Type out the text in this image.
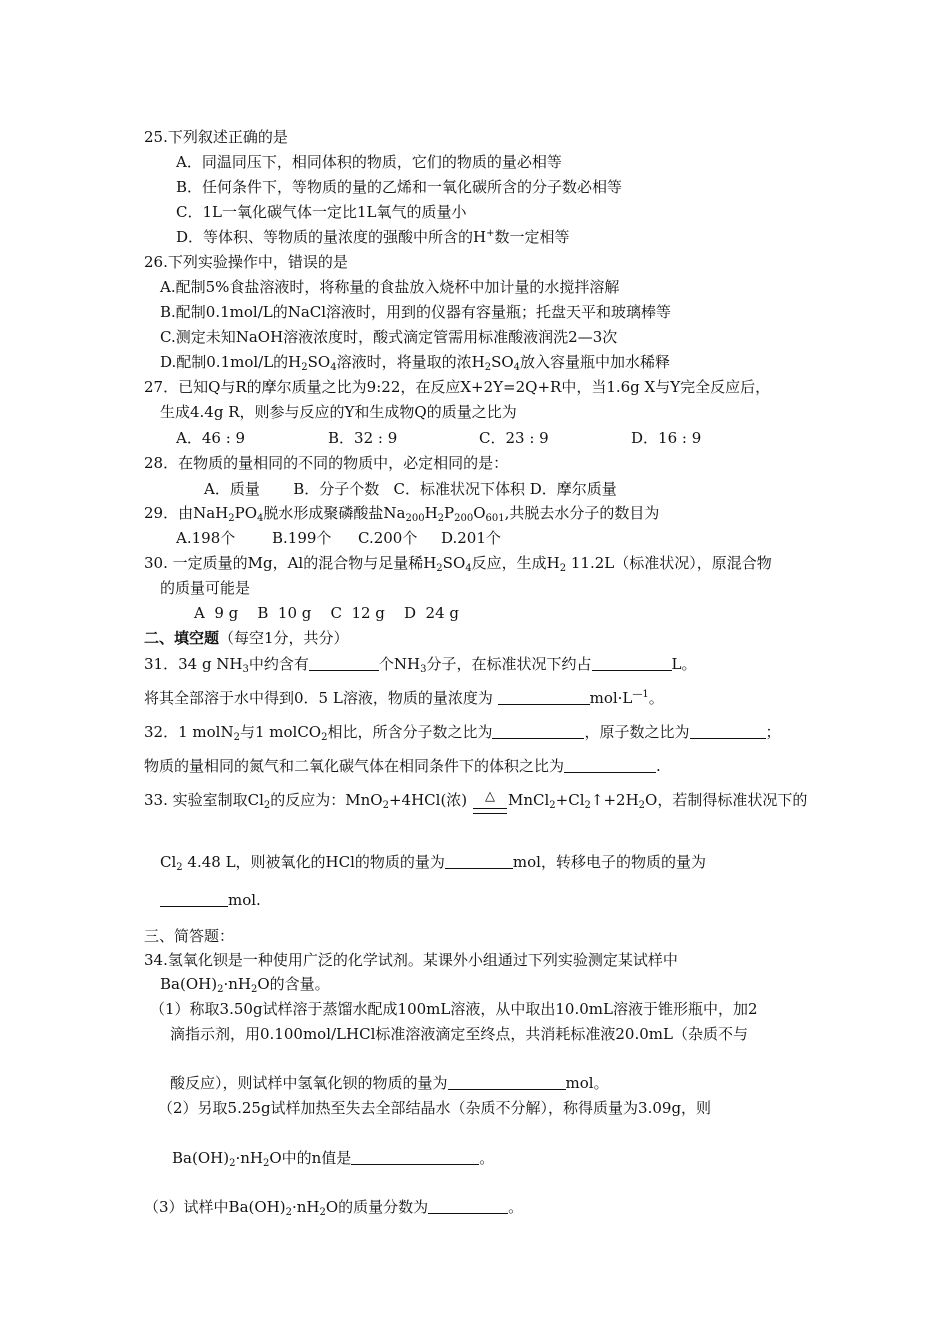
25.下列叙述正确的是
A．同温同压下，相同体积的物质，它们的物质的量必相等
B．任何条件下，等物质的量的乙烯和一氧化碳所含的分子数必相等
C．1L一氧化碳气体一定比1L氧气的质量小
D．等体积、等物质的量浓度的强酸中所含的H+数一定相等
26.下列实验操作中，错误的是
A.配制5%食盐溶液时，将称量的食盐放入烧杯中加计量的水搅拌溶解
B.配制0.1mol/L的NaCl溶液时，用到的仪器有容量瓶；托盘天平和玻璃棒等
C.测定未知NaOH溶液浓度时，酸式滴定管需用标准酸液润洗2—3次
D.配制0.1mol/L的$H_2SO_4$溶液时，将量取的浓$H_2SO_4$放入容量瓶中加水稀释
27．已知Q与R的摩尔质量之比为9:22，在反应X+2Y=2Q+R中，当1.6g X与Y完全反应后，
生成4.4g R，则参与反应的Y和生成物Q的质量之比为
A．46 : 9	B．32 : 9	C．23 : 9	D．16 : 9
28．在物质的量相同的不同的物质中，必定相同的是：
A．质量       B．分子个数   C．标准状况下体积 D．摩尔质量
29．由$NaH_2PO_4$脱水形成聚磷酸盐$Na_{200}H_2P_{200}O_{601}$,共脱去水分子的数目为
A.198个 B.199个 C.200个 D.201个
30. 一定质量的Mg，Al的混合物与足量稀$H_2SO_4$反应，生成$H_2$ 11.2L（标准状况），原混合物
的质量可能是
A  9 g    B  10 g    C  12 g    D  24 g
二、填空题（每空1分，共分）
31．34 g $NH_3$中约含有	个$NH_3$分子，在标准状况下约占	L。
将其全部溶于水中得到0．5 L溶液，物质的量浓度为	$mol\cdot L^{—1}$。
32．1 molN$_2$与1 molCO$_2$相比，所含分子数之比为	，原子数之比为	；
物质的量相同的氮气和二氧化碳气体在相同条件下的体积之比为	.
33. 实验室制取$Cl_2$的反应为：MnO$_2$+4HCl(浓)	△ $MnCl_2+Cl_2↑+2H_2O$，若制得标准状况下的
$Cl_2$ 4.48 L，则被氧化的HCl的物质的量为	mol，转移电子的物质的量为
mol.
三、简答题：
34.氢氧化钡是一种使用广泛的化学试剂。某课外小组通过下列实验测定某试样中
$Ba(OH)_2\cdot nH_2O$的含量。
（1）称取3.50g试样溶于蒸馏水配成100mL溶液，从中取出10.0mL溶液于锥形瓶中，加2
滴指示剂，用0.100mol/LHCl标准溶液滴定至终点，共消耗标准液20.0mL（杂质不与
酸反应），则试样中氢氧化钡的物质的量为	mol。
（2）另取5.25g试样加热至失去全部结晶水（杂质不分解），称得质量为3.09g，则
$Ba(OH)_2\cdot nH_2O$中的n值是	。
（3）试样中$Ba(OH)_2\cdot nH_2O$的质量分数为	。
